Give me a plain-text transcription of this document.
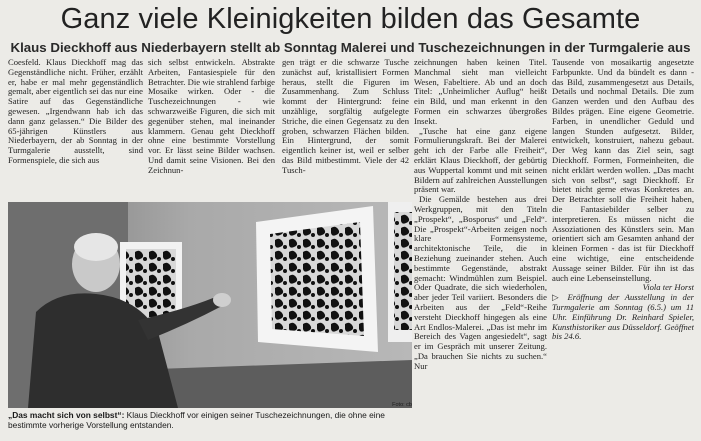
Ganz viele Kleinigkeiten bilden das Gesamte
Klaus Dieckhoff aus Niederbayern stellt ab Sonntag Malerei und Tuschezeichnungen in der Turmgalerie aus

Coesfeld. Klaus Dieckhoff mag das Gegenständliche nicht. Früher, erzählt er, habe er mal mehr gegenständlich gemalt, aber eigentlich sei das nur eine Satire auf das Gegenständliche gewesen. „Irgendwann hab ich das dann ganz gelassen.“ Die Bilder des 65-jährigen Künstlers aus Niederbayern, der ab Sonntag in der Turmgalerie ausstellt, sind Formenspiele, die sich aus

sich selbst entwickeln. Abstrakte Arbeiten, Fantasiespiele für den Betrachter. Die wie strahlend farbige Mosaike wirken. Oder - die Tuschezeichnungen - wie schwarzweiße Figuren, die sich mit gegenüber stehen, mal ineinander klammern. Genau geht Dieckhoff ohne eine bestimmte Vorstellung vor. Er lässt seine Bilder wachsen. Und damit seine Visionen. Bei den Zeichnun-

gen trägt er die schwarze Tusche zunächst auf, kristallisiert Formen heraus, stellt die Figuren im Zusammenhang. Zum Schluss kommt der Hintergrund: feine unzählige, sorgfältig aufgelegte Striche, die einen Gegensatz zu den groben, schwarzen Flächen bilden. Ein Hintergrund, der somit eigentlich keiner ist, weil er selber das Bild mitbestimmt. Viele der 42 Tusch-

zeichnungen haben keinen Titel. Manchmal sieht man vielleicht Wesen, Fabeltiere. Ab und an doch Titel: „Unheimlicher Auflug“ heißt ein Bild, und man erkennt in den Formen ein schwarzes übergroßes Insekt.

„Tusche hat eine ganz eigene Formulierungskraft. Bei der Malerei geht ich der Farbe alle Freiheit“, erklärt Klaus Dieckhoff, der gebürtig aus Wuppertal kommt und mit seinen Bildern auf zahlreichen Ausstellungen präsent war.

Die Gemälde bestehen aus drei Werkgruppen, mit den Titeln „Prospekt“, „Bosporus“ und „Feld“. Die „Prospekt“-Arbeiten zeigen noch klare Formensysteme, architektonische Teile, die in Beziehung zueinander stehen. Auch bestimmte Gegenstände, abstrakt gemacht: Windmühlen zum Beispiel. Oder Quadrate, die sich wiederholen, aber jeder Teil variiert. Besonders die Arbeiten aus der „Feld“-Reihe versteht Dieckhoff hingegen als eine Art Endlos-Malerei. „Das ist mehr im Bereich des Vagen angesiedelt“, sagt er im Gespräch mit unserer Zeitung. „Da brauchen Sie nichts zu suchen.“ Nur

Tausende von mosaikartig angesetzte Farbpunkte. Und da bündelt es dann - das Bild, zusammengesetzt aus Details, Details und nochmal Details. Die zum Ganzen werden und den Aufbau des Bildes prägen. Eine eigene Geometrie. Farben, in unendlicher Geduld und langen Stunden aufgesetzt. Bilder, entwickelt, konstruiert, nahezu gebaut. Der Weg kann das Ziel sein, sagt Dieckhoff. Formen, Formeinheiten, die nicht erklärt werden wollen. „Das macht sich von selbst“, sagt Dieckhoff. Er bietet nicht gerne etwas Konkretes an. Der Betrachter soll die Freiheit haben, die Fantasiebilder selber zu interpretieren. Es müssen nicht die Assoziationen des Künstlers sein. Man orientiert sich am Gesamten anhand der kleinen Formen - das ist für Dieckhoff eine wichtige, eine entscheidende Aussage seiner Bilder. Für ihn ist das auch eine Lebenseinstellung.

Viola ter Horst

▷ Eröffnung der Ausstellung in der Turmgalerie am Sonntag (6.5.) um 11 Uhr. Einführung Dr. Reinhard Spieler, Kunsthistoriker aus Düsseldorf. Geöffnet bis 24.6.

Foto: cb
„Das macht sich von selbst“: Klaus Dieckhoff vor einigen seiner Tuschezeichnungen, die ohne eine bestimmte vorherige Vorstellung entstanden.
